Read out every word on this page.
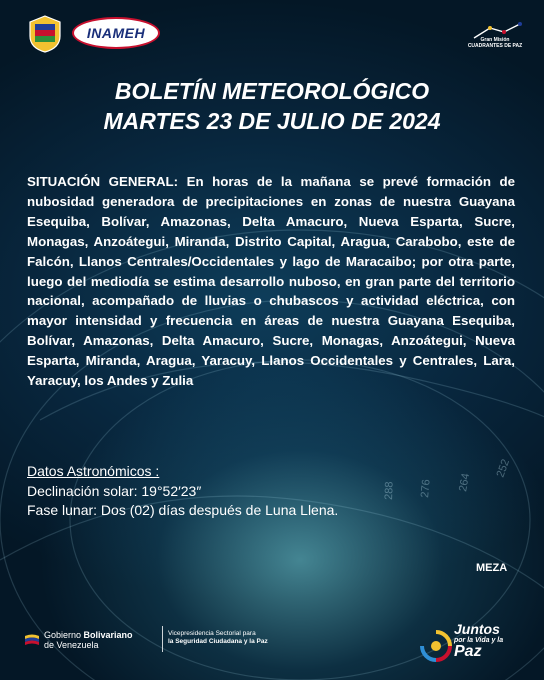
252
264
276
288
INAMEH	Gran Misión
CUADRANTES DE PAZ
BOLETÍN METEOROLÓGICO
MARTES 23 DE JULIO DE 2024
SITUACIÓN GENERAL: En horas de la mañana se prevé formación de nubosidad generadora de precipitaciones en zonas de nuestra Guayana Esequiba, Bolívar, Amazonas, Delta Amacuro, Nueva Esparta, Sucre, Monagas, Anzoátegui, Miranda, Distrito Capital, Aragua, Carabobo, este de Falcón, Llanos Centrales/Occidentales y lago de Maracaibo; por otra parte, luego del mediodía se estima desarrollo nuboso, en gran parte del territorio nacional, acompañado de lluvias o chubascos y actividad eléctrica, con mayor intensidad y frecuencia en áreas de nuestra Guayana Esequiba, Bolívar, Amazonas, Delta Amacuro, Sucre, Monagas, Anzoátegui, Nueva Esparta, Miranda, Aragua, Yaracuy, Llanos Occidentales y Centrales, Lara, Yaracuy, los Andes y Zulia
Datos Astronómicos :
Declinación solar: 19°52′23″
Fase lunar: Dos (02) días después de Luna Llena.
MEZA
Gobierno Bolivariano
de Venezuela
Vicepresidencia Sectorial para
la Seguridad Ciudadana y la Paz
Juntos
por la Vida y la
Paz
